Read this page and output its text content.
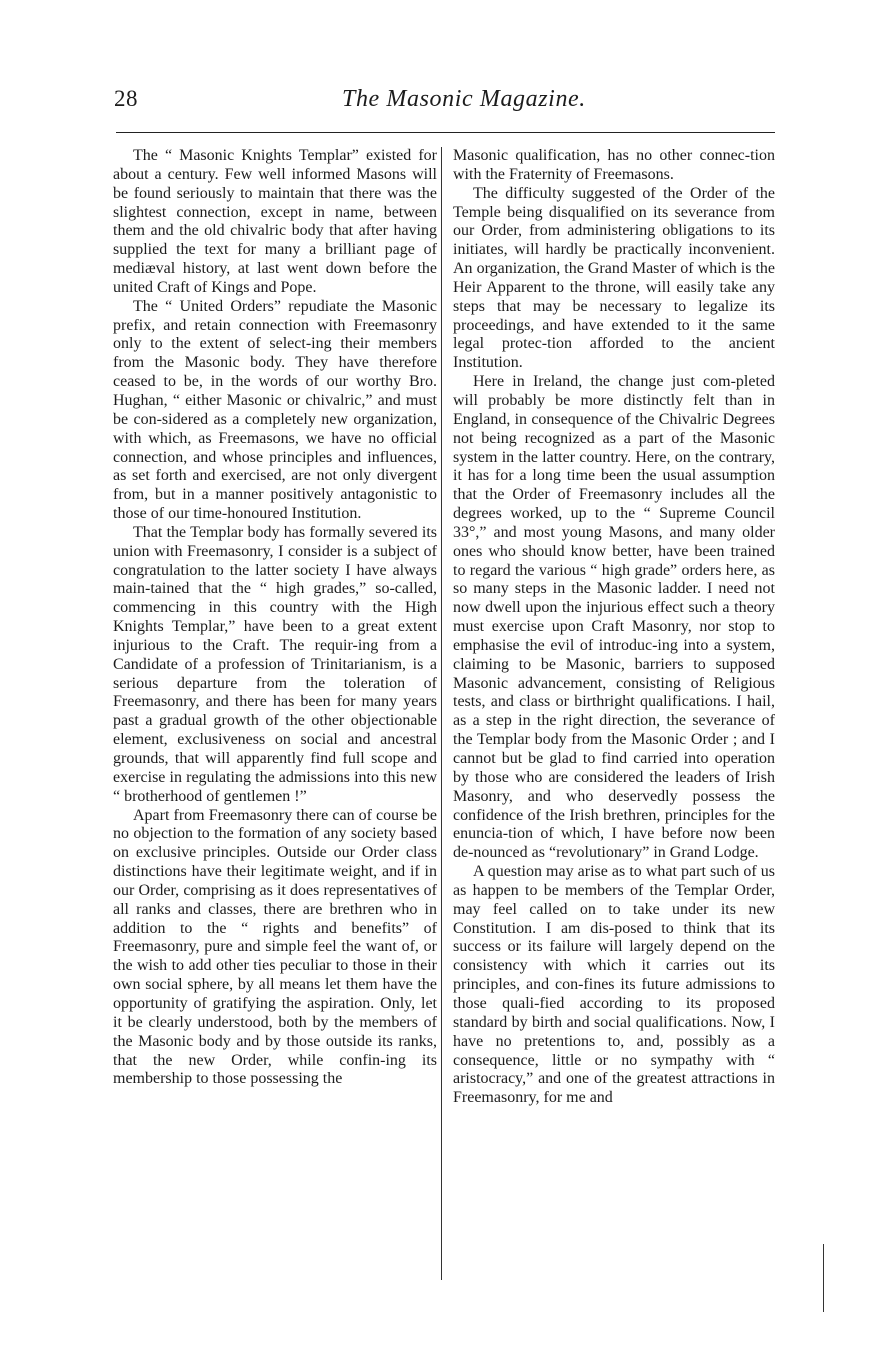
28	The Masonic Magazine.

The “ Masonic Knights Templar” existed for about a century. Few well informed Masons will be found seriously to maintain that there was the slightest connection, except in name, between them and the old chivalric body that after having supplied the text for many a brilliant page of mediæval history, at last went down before the united Craft of Kings and Pope.

The “ United Orders” repudiate the Masonic prefix, and retain connection with Freemasonry only to the extent of select-ing their members from the Masonic body. They have therefore ceased to be, in the words of our worthy Bro. Hughan, “ either Masonic or chivalric,” and must be con-sidered as a completely new organization, with which, as Freemasons, we have no official connection, and whose principles and influences, as set forth and exercised, are not only divergent from, but in a manner positively antagonistic to those of our time-honoured Institution.

That the Templar body has formally severed its union with Freemasonry, I consider is a subject of congratulation to the latter society I have always main-tained that the “ high grades,” so-called, commencing in this country with the High Knights Templar,” have been to a great extent injurious to the Craft. The requir-ing from a Candidate of a profession of Trinitarianism, is a serious departure from the toleration of Freemasonry, and there has been for many years past a gradual growth of the other objectionable element, exclusiveness on social and ancestral grounds, that will apparently find full scope and exercise in regulating the admissions into this new “ brotherhood of gentlemen !”

Apart from Freemasonry there can of course be no objection to the formation of any society based on exclusive principles. Outside our Order class distinctions have their legitimate weight, and if in our Order, comprising as it does representatives of all ranks and classes, there are brethren who in addition to the “ rights and benefits” of Freemasonry, pure and simple feel the want of, or the wish to add other ties peculiar to those in their own social sphere, by all means let them have the opportunity of gratifying the aspiration. Only, let it be clearly understood, both by the members of the Masonic body and by those outside its ranks, that the new Order, while confin-ing its membership to those possessing the

Masonic qualification, has no other connec-tion with the Fraternity of Freemasons.

The difficulty suggested of the Order of the Temple being disqualified on its severance from our Order, from administering obligations to its initiates, will hardly be practically inconvenient. An organization, the Grand Master of which is the Heir Apparent to the throne, will easily take any steps that may be necessary to legalize its proceedings, and have extended to it the same legal protec-tion afforded to the ancient Institution.

Here in Ireland, the change just com-pleted will probably be more distinctly felt than in England, in consequence of the Chivalric Degrees not being recognized as a part of the Masonic system in the latter country. Here, on the contrary, it has for a long time been the usual assumption that the Order of Freemasonry includes all the degrees worked, up to the “ Supreme Council 33°,” and most young Masons, and many older ones who should know better, have been trained to regard the various “ high grade” orders here, as so many steps in the Masonic ladder. I need not now dwell upon the injurious effect such a theory must exercise upon Craft Masonry, nor stop to emphasise the evil of introduc-ing into a system, claiming to be Masonic, barriers to supposed Masonic advancement, consisting of Religious tests, and class or birthright qualifications. I hail, as a step in the right direction, the severance of the Templar body from the Masonic Order ; and I cannot but be glad to find carried into operation by those who are considered the leaders of Irish Masonry, and who deservedly possess the confidence of the Irish brethren, principles for the enuncia-tion of which, I have before now been de-nounced as “revolutionary” in Grand Lodge.

A question may arise as to what part such of us as happen to be members of the Templar Order, may feel called on to take under its new Constitution. I am dis-posed to think that its success or its failure will largely depend on the consistency with which it carries out its principles, and con-fines its future admissions to those quali-fied according to its proposed standard by birth and social qualifications. Now, I have no pretentions to, and, possibly as a consequence, little or no sympathy with “ aristocracy,” and one of the greatest attractions in Freemasonry, for me and
